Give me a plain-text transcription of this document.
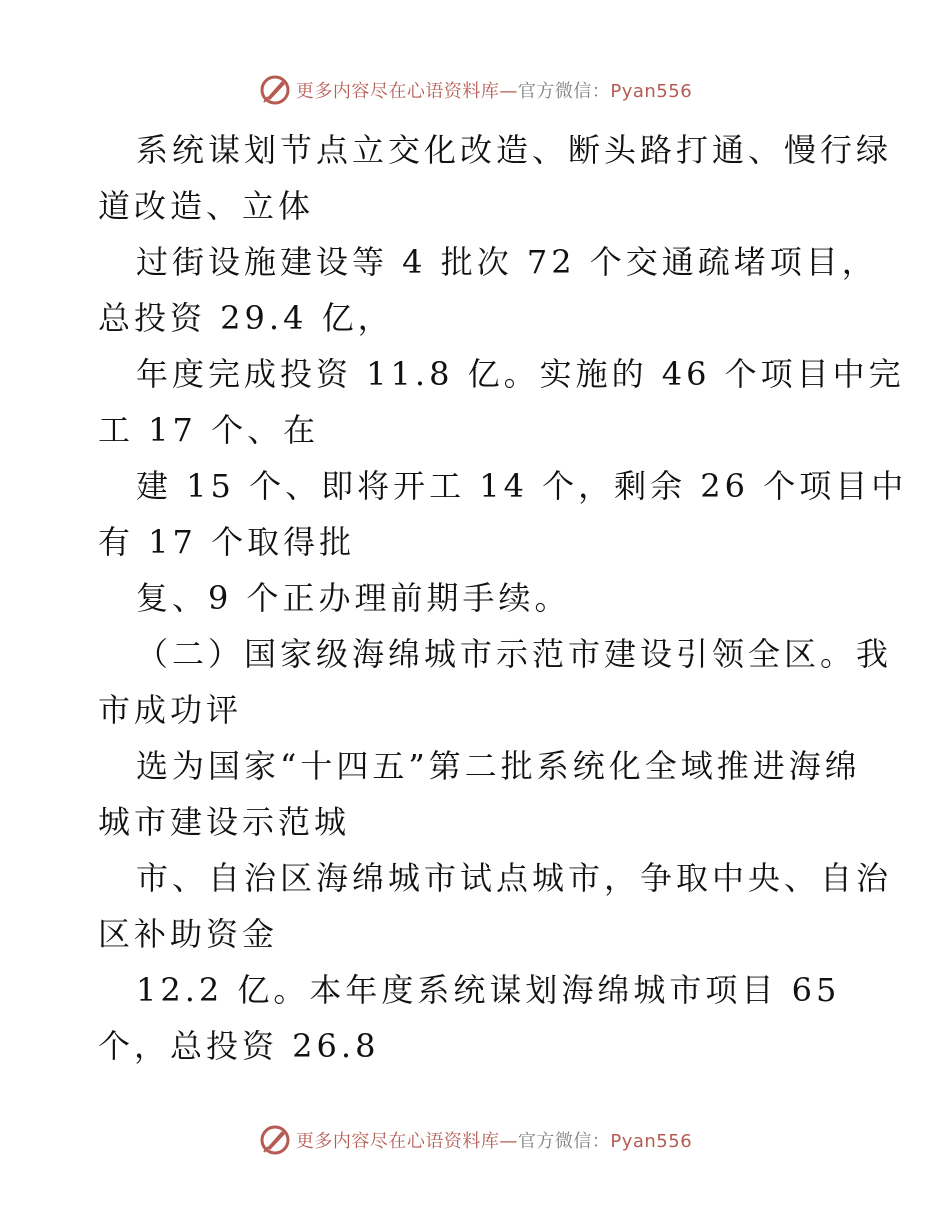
更多内容尽在心语资料库—官方微信：Pyan556
系统谋划节点立交化改造、断头路打通、慢行绿
道改造、立体
过街设施建设等 4 批次 72 个交通疏堵项目，
总投资 29.4 亿，
年度完成投资 11.8 亿。实施的 46 个项目中完
工 17 个、在
建 15 个、即将开工 14 个，剩余 26 个项目中
有 17 个取得批
复、9 个正办理前期手续。
（二）国家级海绵城市示范市建设引领全区。我
市成功评
选为国家“十四五”第二批系统化全域推进海绵
城市建设示范城
市、自治区海绵城市试点城市，争取中央、自治
区补助资金
12.2 亿。本年度系统谋划海绵城市项目 65
个，总投资 26.8
更多内容尽在心语资料库—官方微信：Pyan556
